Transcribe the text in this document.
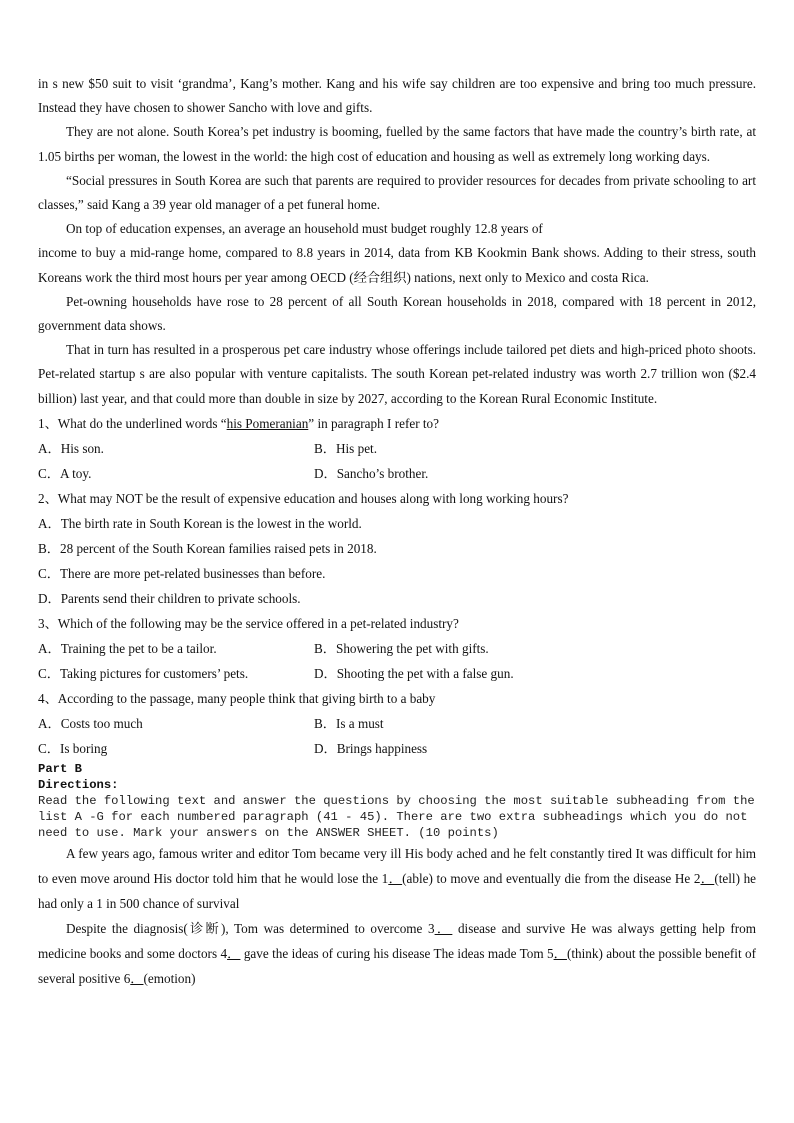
in s new $50 suit to visit ‘grandma’, Kang’s mother. Kang and his wife say children are too expensive and bring too much pressure. Instead they have chosen to shower Sancho with love and gifts.

They are not alone. South Korea’s pet industry is booming, fuelled by the same factors that have made the country’s birth rate, at 1.05 births per woman, the lowest in the world: the high cost of education and housing as well as extremely long working days.

“Social pressures in South Korea are such that parents are required to provider resources for decades from private schooling to art classes,” said Kang a 39 year old manager of a pet funeral home.

On top of education expenses, an average an household must budget roughly 12.8 years of

income to buy a mid-range home, compared to 8.8 years in 2014, data from KB Kookmin Bank shows. Adding to their stress, south Koreans work the third most hours per year among OECD (经合组织) nations, next only to Mexico and costa Rica.

Pet-owning households have rose to 28 percent of all South Korean households in 2018, compared with 18 percent in 2012, government data shows.

That in turn has resulted in a prosperous pet care industry whose offerings include tailored pet diets and high-priced photo shoots. Pet-related startup s are also popular with venture capitalists. The south Korean pet-related industry was worth 2.7 trillion won ($2.4 billion) last year, and that could more than double in size by 2027, according to the Korean Rural Economic Institute.

1、What do the underlined words “his Pomeranian” in paragraph I refer to?

A．His son.	B．His pet.
C．A toy.	D．Sancho’s brother.

2、What may NOT be the result of expensive education and houses along with long working hours?

A．The birth rate in South Korean is the lowest in the world.
B．28 percent of the South Korean families raised pets in 2018.
C．There are more pet-related businesses than before.
D．Parents send their children to private schools.

3、Which of the following may be the service offered in a pet-related industry?

A．Training the pet to be a tailor.	B．Showering the pet with gifts.
C．Taking pictures for customers’ pets.	D．Shooting the pet with a false gun.

4、According to the passage, many people think that giving birth to a baby

A．Costs too much	B．Is a must
C．Is boring	D．Brings happiness

Part B

Directions:

Read the following text and answer the questions by choosing the most suitable subheading from the list A -G for each numbered paragraph (41 - 45). There are two extra subheadings which you do not need to use. Mark your answers on the ANSWER SHEET. (10 points)

A few years ago, famous writer and editor Tom became very ill His body ached and he felt constantly tired It was difficult for him to even move around His doctor told him that he would lose the 1．(able) to move and eventually die from the disease He 2．(tell) he had only a 1 in 500 chance of survival

Despite the diagnosis(诊断), Tom was determined to overcome 3． disease and survive He was always getting help from medicine books and some doctors 4． gave the ideas of curing his disease The ideas made Tom 5．(think) about the possible benefit of several positive 6．(emotion)
